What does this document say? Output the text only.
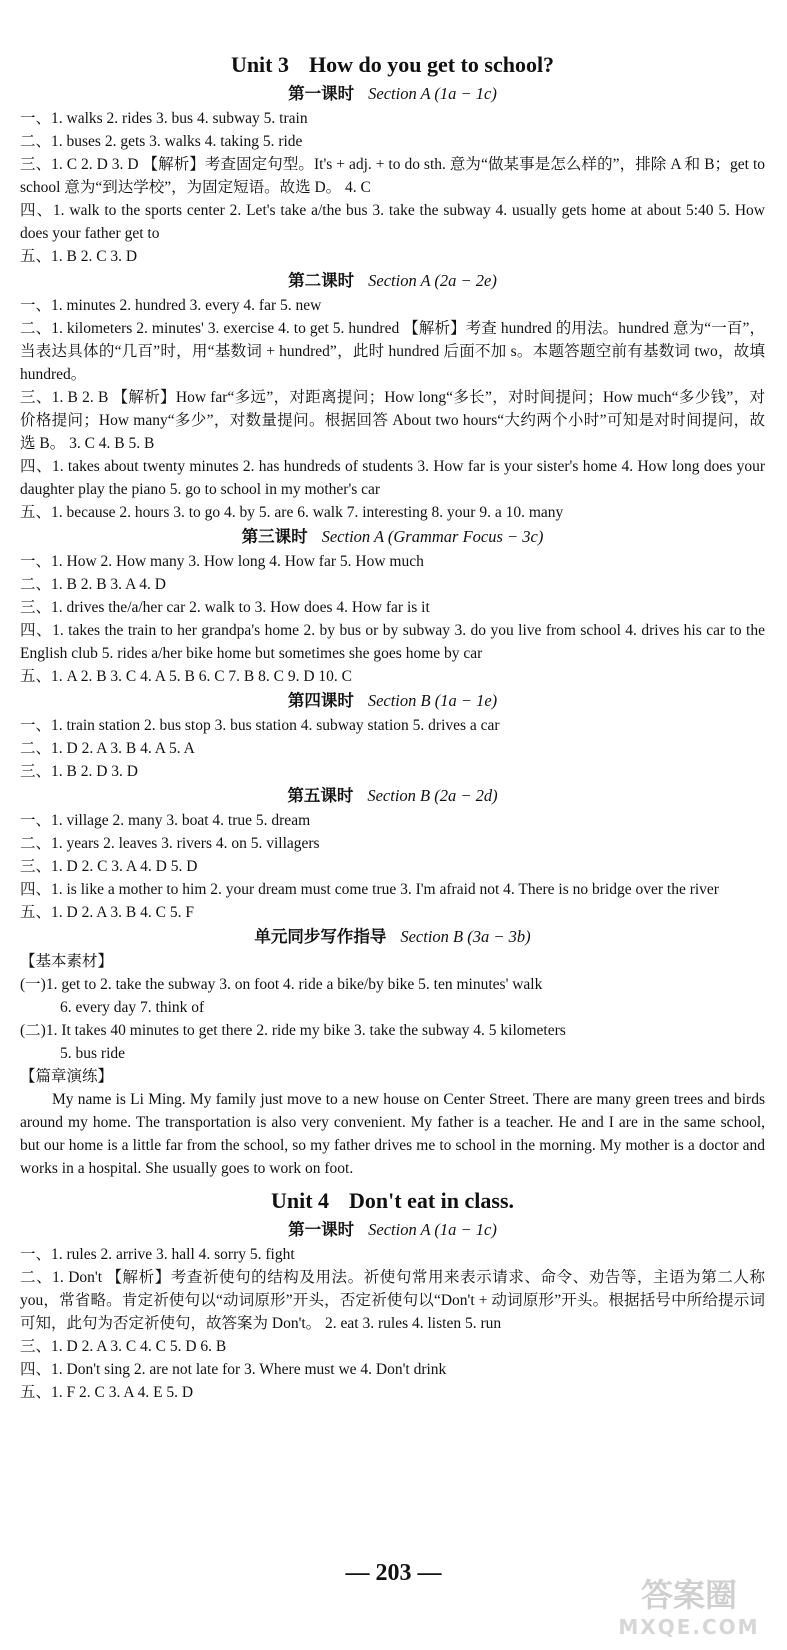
Unit 3 How do you get to school?
第一课时 Section A (1a − 1c)
一、1. walks 2. rides 3. bus 4. subway 5. train
二、1. buses 2. gets 3. walks 4. taking 5. ride
三、1. C 2. D 3. D 【解析】考查固定句型。It's + adj. + to do sth. 意为“做某事是怎么样的”，排除 A 和 B；get to school 意为“到达学校”，为固定短语。故选 D。 4. C
四、1. walk to the sports center 2. Let's take a/the bus 3. take the subway 4. usually gets home at about 5:40 5. How does your father get to
五、1. B 2. C 3. D
第二课时 Section A (2a − 2e)
一、1. minutes 2. hundred 3. every 4. far 5. new
二、1. kilometers 2. minutes' 3. exercise 4. to get 5. hundred 【解析】考查 hundred 的用法。hundred 意为“一百”，当表达具体的“几百”时，用“基数词 + hundred”，此时 hundred 后面不加 s。本题答题空前有基数词 two，故填 hundred。
三、1. B 2. B 【解析】How far“多远”，对距离提问；How long“多长”，对时间提问；How much“多少钱”，对价格提问；How many“多少”，对数量提问。根据回答 About two hours“大约两个小时”可知是对时间提问，故选 B。 3. C 4. B 5. B
四、1. takes about twenty minutes 2. has hundreds of students 3. How far is your sister's home 4. How long does your daughter play the piano 5. go to school in my mother's car
五、1. because 2. hours 3. to go 4. by 5. are 6. walk 7. interesting 8. your 9. a 10. many
第三课时 Section A (Grammar Focus − 3c)
一、1. How 2. How many 3. How long 4. How far 5. How much
二、1. B 2. B 3. A 4. D
三、1. drives the/a/her car 2. walk to 3. How does 4. How far is it
四、1. takes the train to her grandpa's home 2. by bus or by subway 3. do you live from school 4. drives his car to the English club 5. rides a/her bike home but sometimes she goes home by car
五、1. A 2. B 3. C 4. A 5. B 6. C 7. B 8. C 9. D 10. C
第四课时 Section B (1a − 1e)
一、1. train station 2. bus stop 3. bus station 4. subway station 5. drives a car
二、1. D 2. A 3. B 4. A 5. A
三、1. B 2. D 3. D
第五课时 Section B (2a − 2d)
一、1. village 2. many 3. boat 4. true 5. dream
二、1. years 2. leaves 3. rivers 4. on 5. villagers
三、1. D 2. C 3. A 4. D 5. D
四、1. is like a mother to him 2. your dream must come true 3. I'm afraid not 4. There is no bridge over the river
五、1. D 2. A 3. B 4. C 5. F
单元同步写作指导 Section B (3a − 3b)
【基本素材】
(一)1. get to 2. take the subway 3. on foot 4. ride a bike/by bike 5. ten minutes' walk
6. every day 7. think of
(二)1. It takes 40 minutes to get there 2. ride my bike 3. take the subway 4. 5 kilometers
5. bus ride
【篇章演练】
My name is Li Ming. My family just move to a new house on Center Street. There are many green trees and birds around my home. The transportation is also very convenient. My father is a teacher. He and I are in the same school, but our home is a little far from the school, so my father drives me to school in the morning. My mother is a doctor and works in a hospital. She usually goes to work on foot.
Unit 4 Don't eat in class.
第一课时 Section A (1a − 1c)
一、1. rules 2. arrive 3. hall 4. sorry 5. fight
二、1. Don't 【解析】考查祈使句的结构及用法。祈使句常用来表示请求、命令、劝告等，主语为第二人称 you，常省略。肯定祈使句以“动词原形”开头，否定祈使句以“Don't + 动词原形”开头。根据括号中所给提示词可知，此句为否定祈使句，故答案为 Don't。 2. eat 3. rules 4. listen 5. run
三、1. D 2. A 3. C 4. C 5. D 6. B
四、1. Don't sing 2. are not late for 3. Where must we 4. Don't drink
五、1. F 2. C 3. A 4. E 5. D
— 203 —
答案圈
MXQE.COM
